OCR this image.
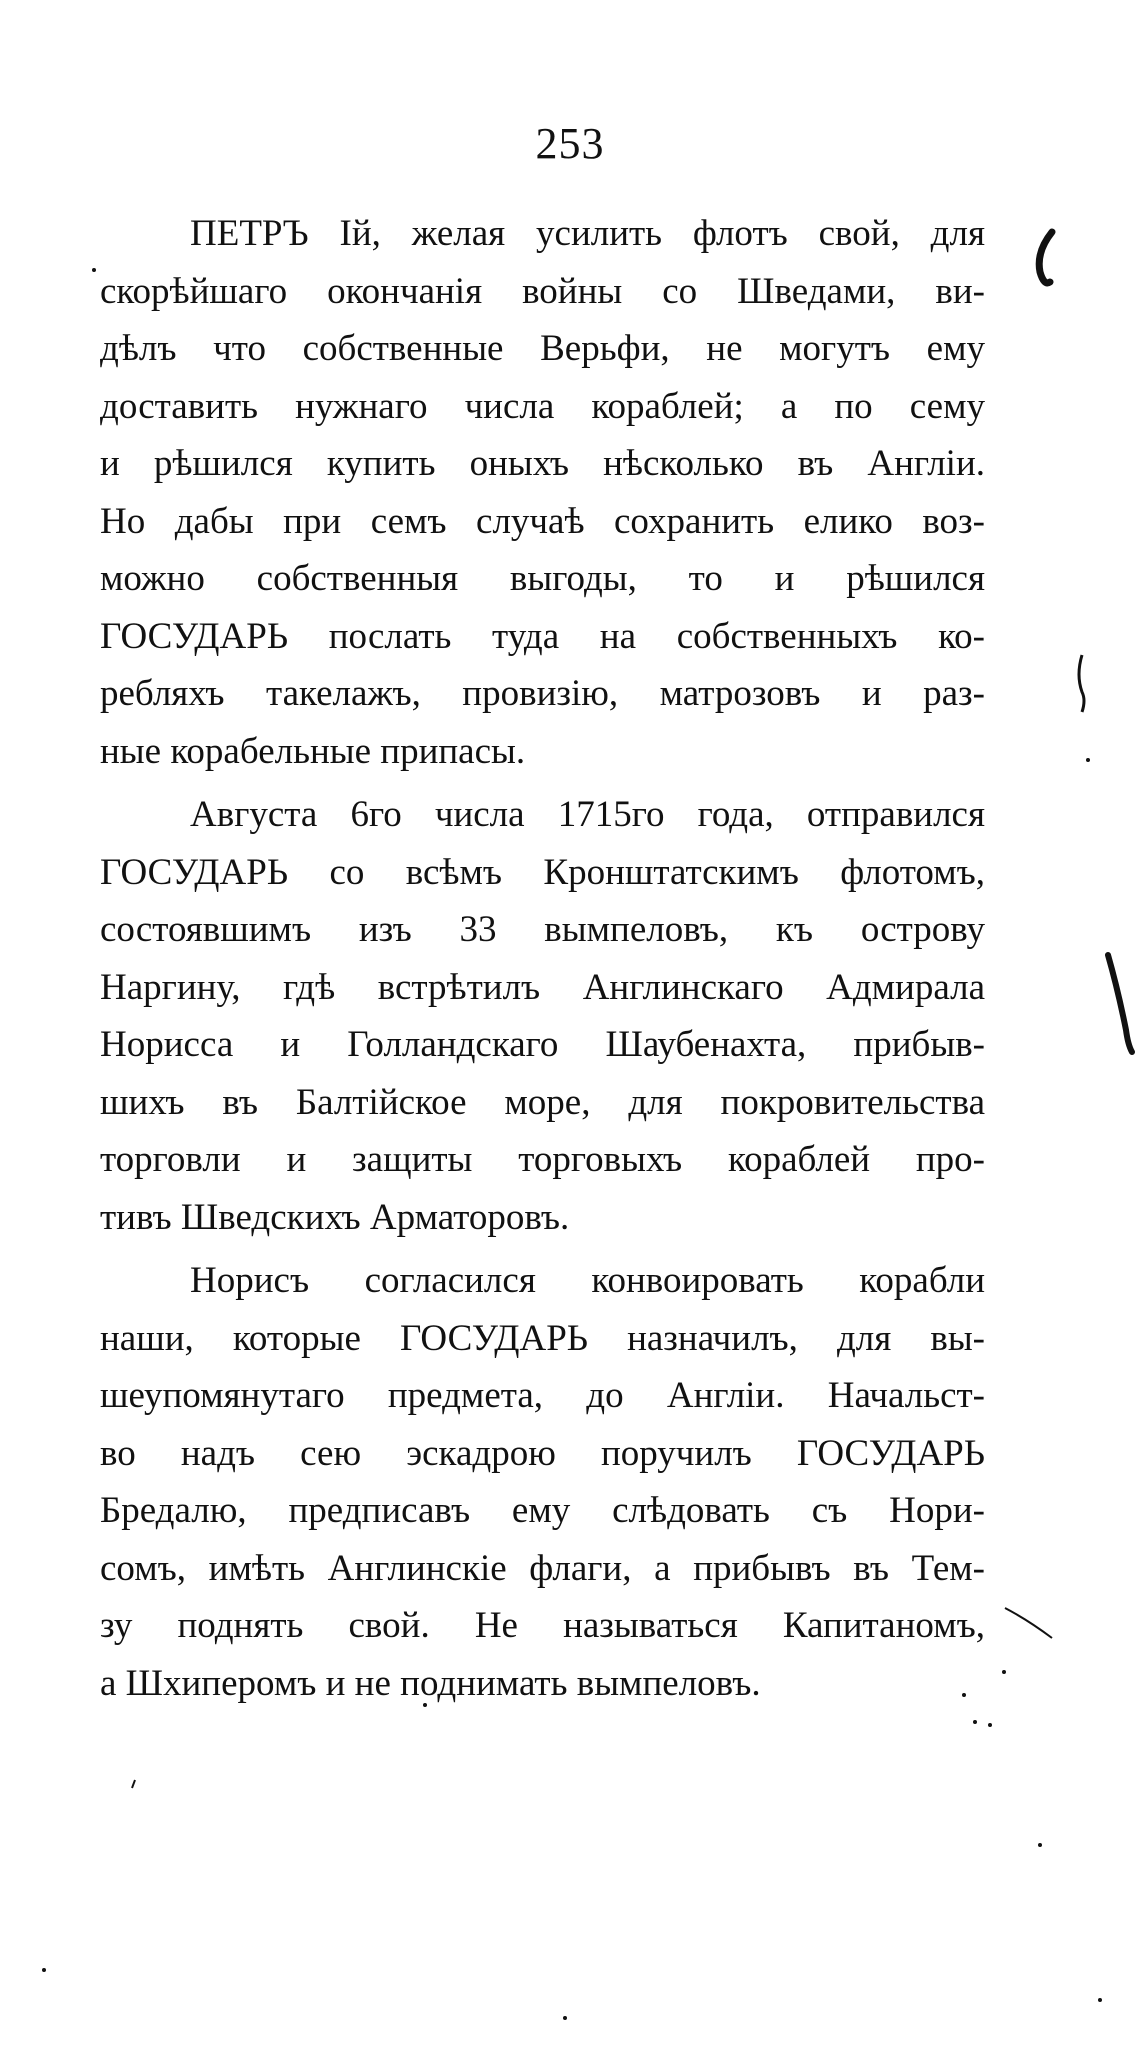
253

ПЕТРЪ Iй, желая усилить флотъ свой, для
скорѣйшаго окончанія войны со Шведами, ви-
дѣлъ что собственные Верьфи, не могутъ ему
доставить нужнаго числа кораблей; а по сему
и рѣшился купить оныхъ нѣсколько въ Англіи.
Но дабы при семъ случаѣ сохранить елико воз-
можно собственныя выгоды, то и рѣшился
ГОСУДАРЬ послать туда на собственныхъ ко-
ребляхъ такелажъ, провизію, матрозовъ и раз-
ные корабельные припасы.

Августа 6го числа 1715го года, отправился
ГОСУДАРЬ со всѣмъ Кронштатскимъ флотомъ,
состоявшимъ изъ 33 вымпеловъ, къ острову
Наргину, гдѣ встрѣтилъ Англинскаго Адмирала
Норисса и Голландскаго Шаубенахта, прибыв-
шихъ въ Балтійское море, для покровительства
торговли и защиты торговыхъ кораблей про-
тивъ Шведскихъ Арматоровъ.

Норисъ согласился конвоировать корабли
наши, которые ГОСУДАРЬ назначилъ, для вы-
шеупомянутаго предмета, до Англіи. Начальст-
во надъ сею эскадрою поручилъ ГОСУДАРЬ
Бредалю, предписавъ ему слѣдовать съ Нори-
сомъ, имѣть Англинскіе флаги, а прибывъ въ Тем-
зу поднять свой. Не называться Капитаномъ,
а Шхиперомъ и не поднимать вымпеловъ.
